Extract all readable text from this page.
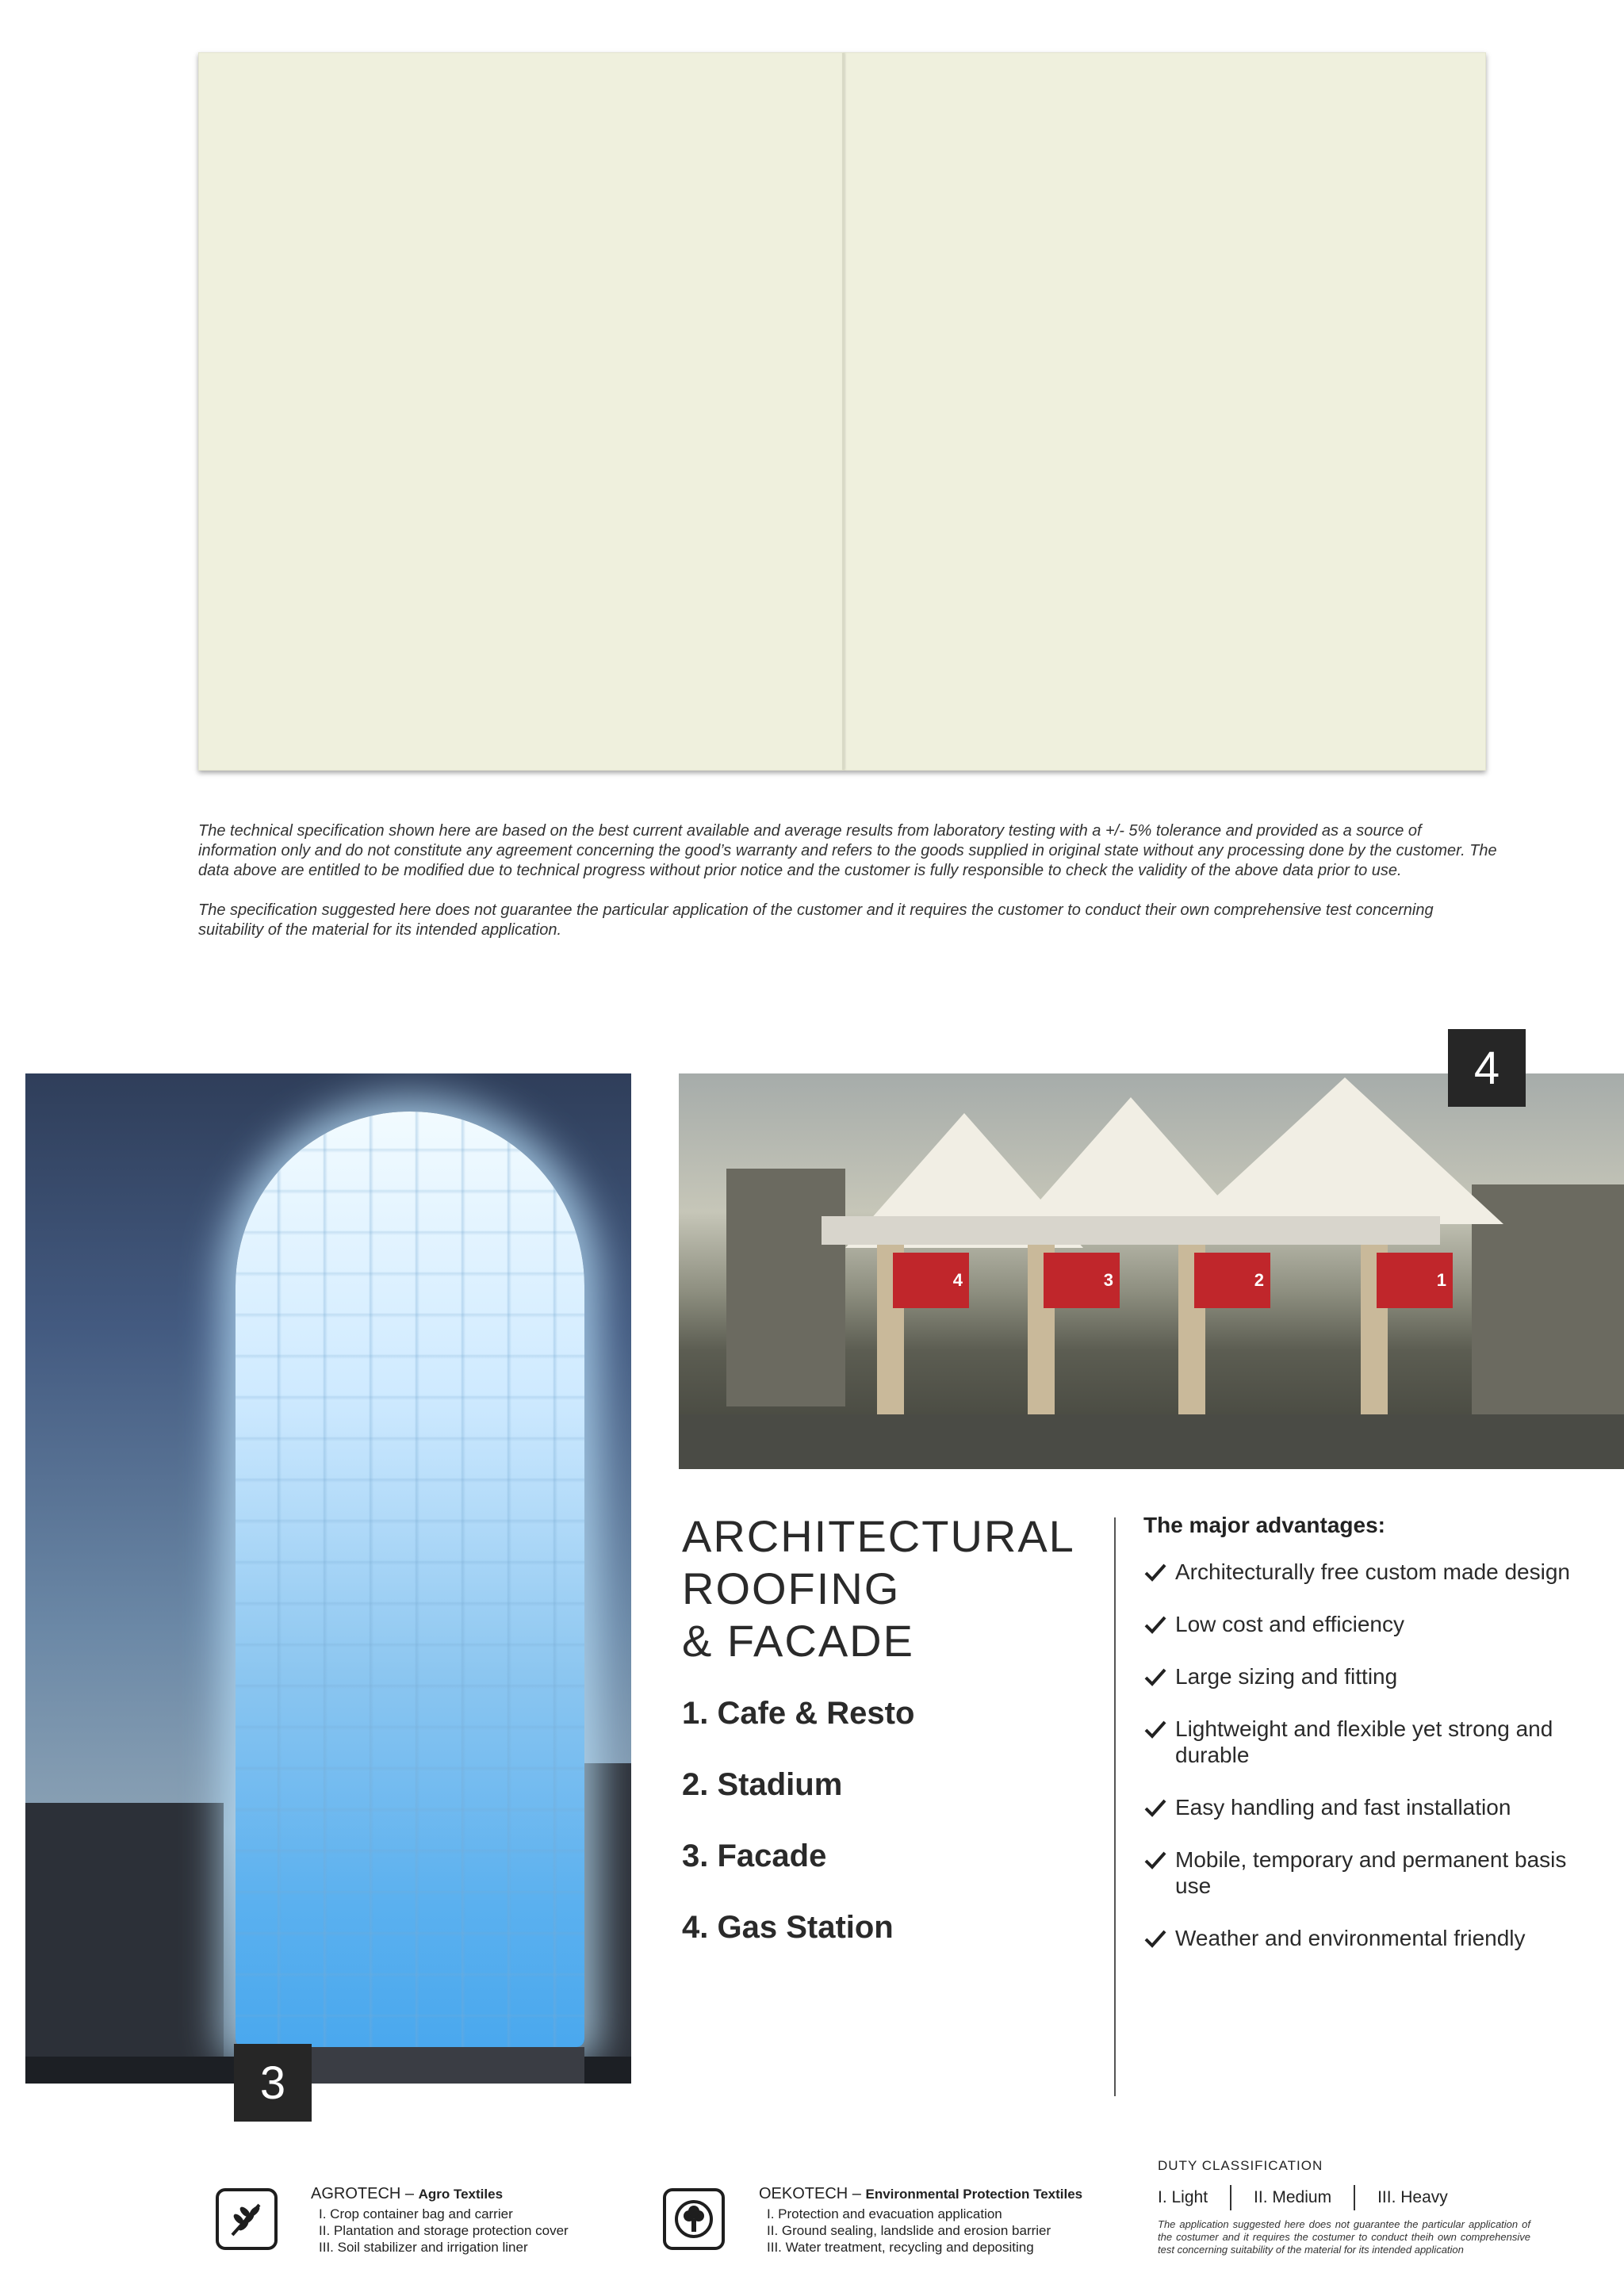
The technical specification shown here are based on the best current available and average results from laboratory testing with a +/- 5% tolerance and provided as a source of information only and do not constitute any agreement concerning the good’s warranty and refers to the goods supplied in original state without any processing done by the customer. The data above are entitled to be modified due to technical progress without prior notice and the customer is fully responsible to check the validity of the above data prior to use.

The specification suggested here does not guarantee the particular application of the customer and it requires the customer to conduct their own comprehensive test concerning suitability of the material for its intended application.

3
4	3	2	1
4
ARCHITECTURAL
ROOFING
& FACADE
1. Cafe & Resto
2. Stadium
3. Facade
4. Gas Station
The major advantages:
Architecturally free custom made design
Low cost and efficiency
Large sizing and fitting
Lightweight and flexible yet strong and durable
Easy handling and fast installation
Mobile, temporary and permanent basis use
Weather and environmental friendly
AGROTECH – Agro Textiles
I. Crop container bag and carrier
II. Plantation and storage protection cover
III. Soil stabilizer and irrigation liner
OEKOTECH – Environmental Protection Textiles
I. Protection and evacuation application
II. Ground sealing, landslide and erosion barrier
III. Water treatment, recycling and depositing
DUTY CLASSIFICATION
I. Light	II. Medium	III. Heavy
The application suggested here does not guarantee the particular application of the costumer and it requires the costumer to conduct theih own comprehensive test concerning suitability of the material for its intended application
